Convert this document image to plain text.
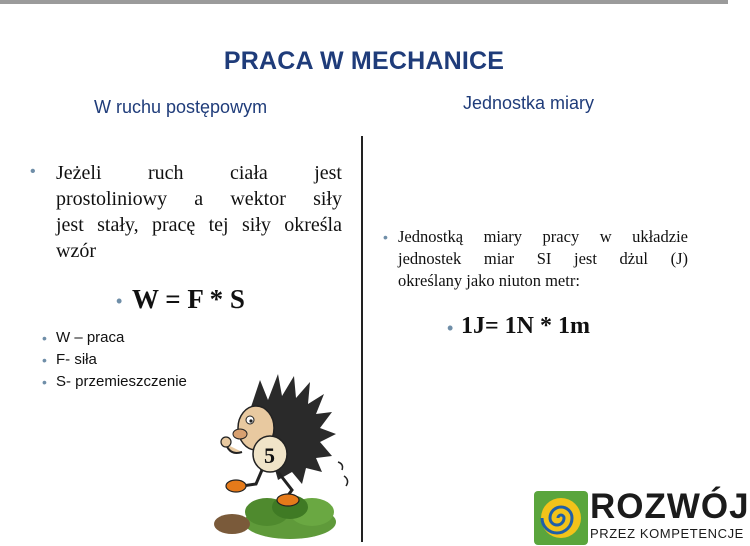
PRACA W MECHANICE
W ruchu postępowym	Jednostka miary
• Jeżeli ruch ciała jest
prostoliniowy a wektor siły
jest stały, pracę tej siły określa
wzór
• W = F * S
• W – praca
• F- siła
• S- przemieszczenie
5
• Jednostką miary pracy w układzie
jednostek miar SI jest dżul (J)
określany jako niuton metr:
• 1J= 1N * 1m
ROZWÓJ
PRZEZ KOMPETENCJE
